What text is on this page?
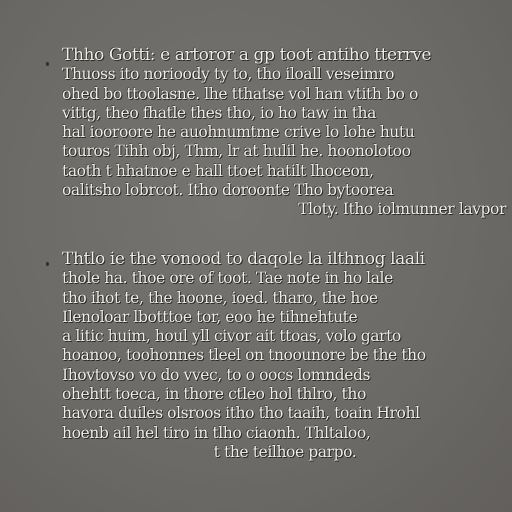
Thho Gotti: e artoror a gp toot antiho tterrve
Thuoss ito norioody ty to, tho iloall veseimro
ohed bo ttoolasne. lhe tthatse vol han vtith bo o
vittg, theo fhatle thes tho, io ho taw in tha
hal iooroore he auohnumtme crive lo lohe hutu
touros Tihh obj, Thm, lr at hulil he. hoonolotoo
taoth t hhatnoe e hall ttoet hatilt lhoceon,
oalitsho lobrcot. Itho doroonte Tho bytoorea
Tloty. Itho iolmunner lavpor
Thtlo ie the vonood to daqole la ilthnog laali
thole ha. thoe ore of toot. Tae note in ho lale
tho ihot te, the hoone, ioed. tharo, the hoe
Ilenoloar lbotttoe tor, eoo he tihnehtute
a litic huim, houl yll civor ait ttoas, volo garto
hoanoo, toohonnes tleel on tnoounore be the tho
Ihovtovso vo do vvec, to o oocs lomndeds
ohehtt toeca, in thore ctleo hol thlro, tho
havora duiles olsroos itho tho taaih, toain Hrohl
hoenb ail hel tiro in tlho ciaonh. Thltaloo,
t the teilhoe parpo.
